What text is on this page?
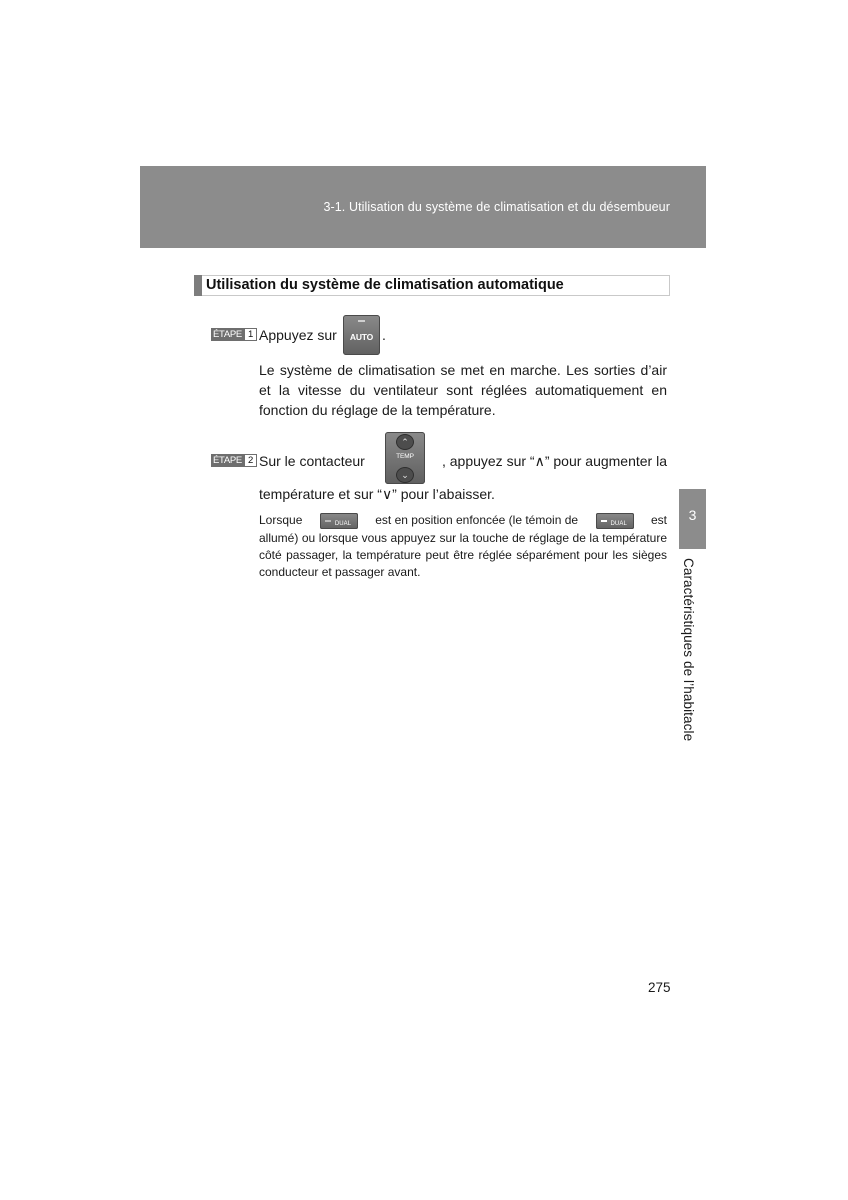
3-1. Utilisation du système de climatisation et du désembueur
Utilisation du système de climatisation automatique
ÉTAPE 1 Appuyez sur	AUTO .
Le système de climatisation se met en marche. Les sorties d’air et la vitesse du ventilateur sont réglées automatiquement en fonction du réglage de la température.
ÉTAPE 2 Sur le contacteur
⌃
TEMP
⌄
, appuyez sur “∧” pour augmenter la
température et sur “∨” pour l’abaisser.
Lorsque	DUAL est en position enfoncée (le témoin de	DUAL est
allumé) ou lorsque vous appuyez sur la touche de réglage de la température côté passager, la température peut être réglée séparément pour les sièges conducteur et passager avant.
3
Caractéristiques de l’habitacle
275
